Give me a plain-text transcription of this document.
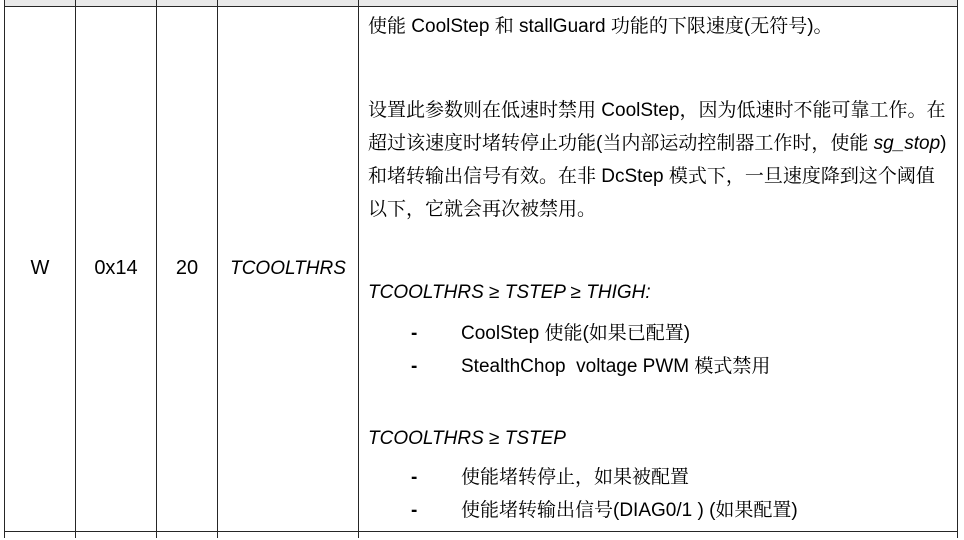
W	0x14	20	TCOOLTHRS	

使能 CoolStep 和 stallGuard 功能的下限速度(无符号)。

设置此参数则在低速时禁用 CoolStep，因为低速时不能可靠工作。在超过该速度时堵转停止功能(当内部运动控制器工作时，使能 sg_stop)和堵转输出信号有效。在非 DcStep 模式下，一旦速度降到这个阈值以下，它就会再次被禁用。

TCOOLTHRS ≥ TSTEP ≥ THIGH:

-	CoolStep 使能(如果已配置)
-	StealthChop  voltage PWM 模式禁用

TCOOLTHRS ≥ TSTEP

-	使能堵转停止，如果被配置
-	使能堵转输出信号(DIAG0/1 ) (如果配置)
